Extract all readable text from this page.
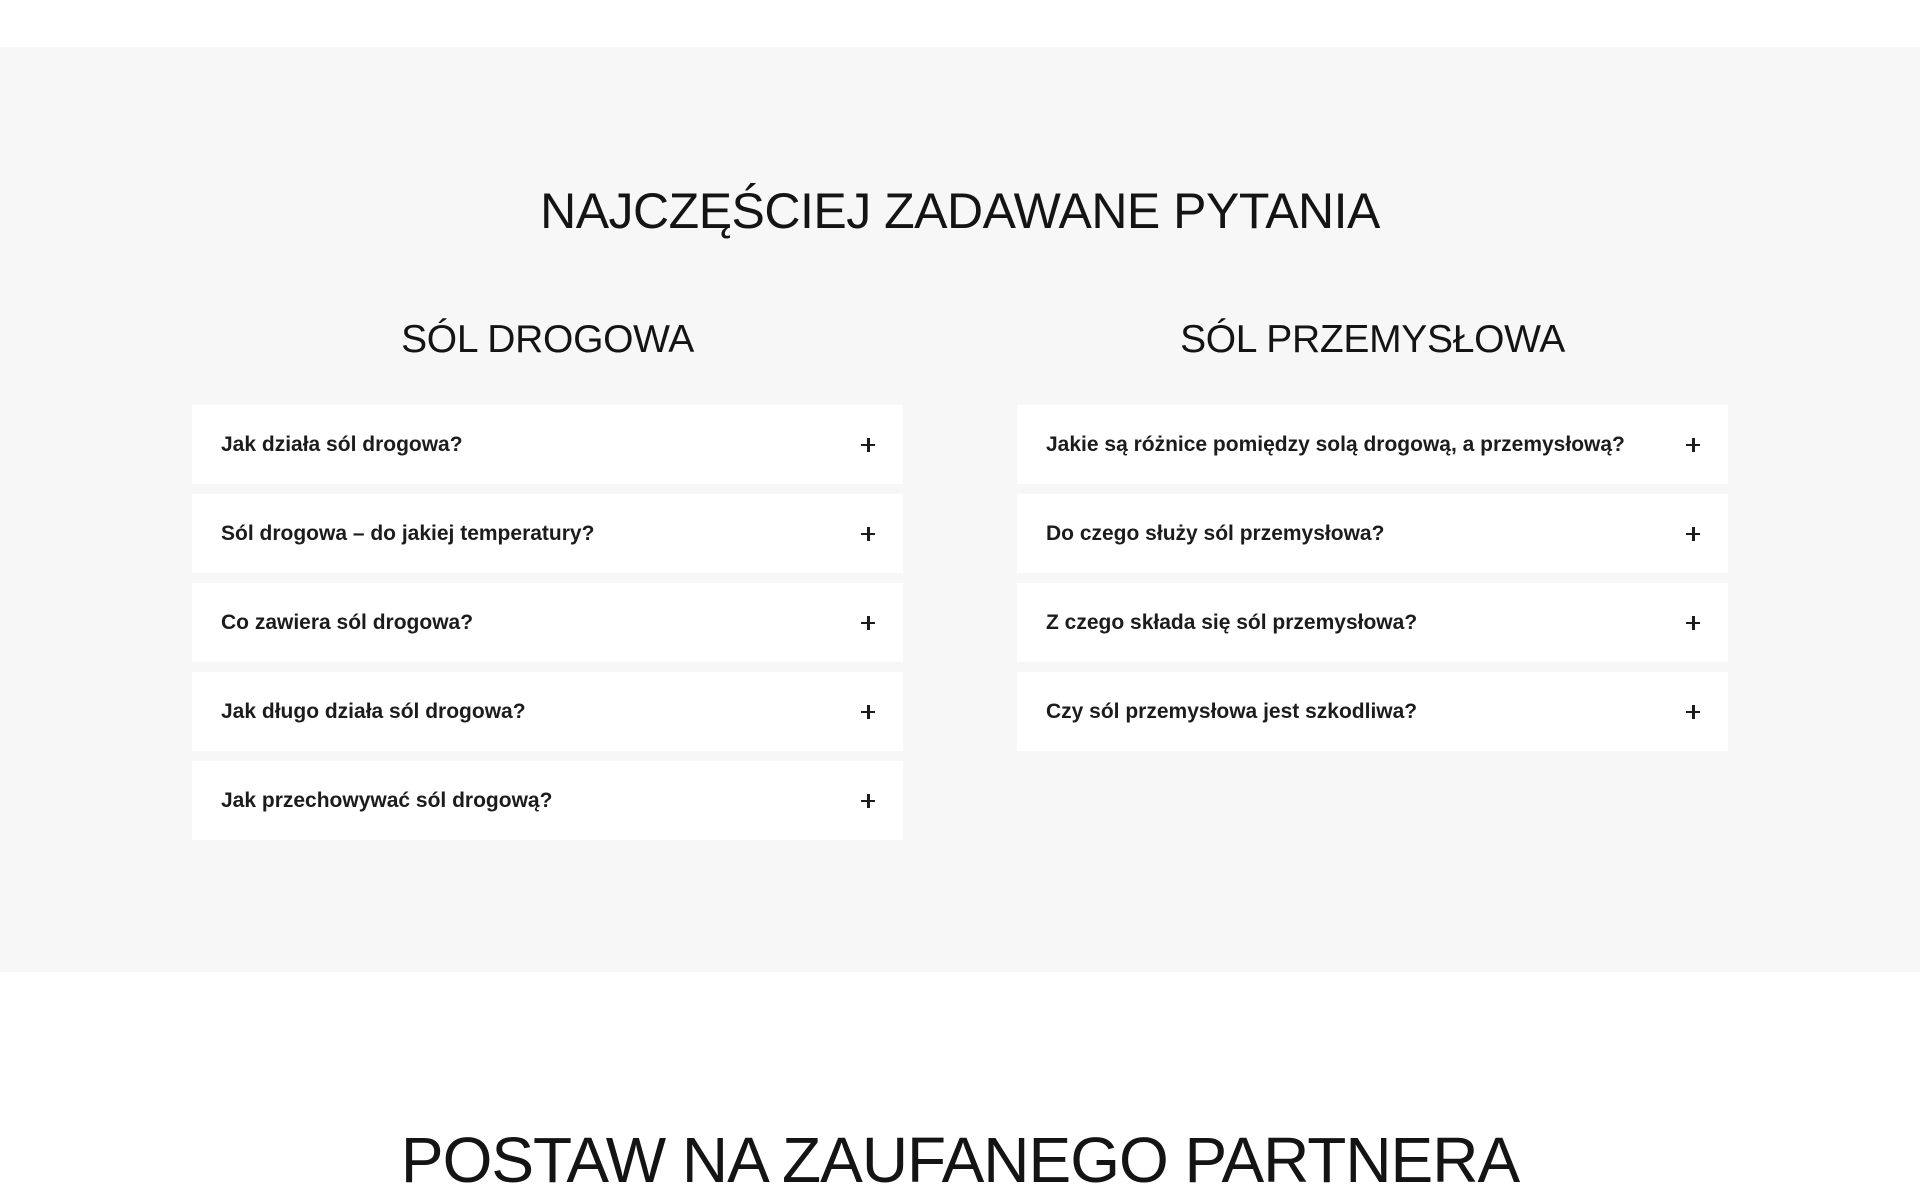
NAJCZĘŚCIEJ ZADAWANE PYTANIA
SÓL DROGOWA
Jak działa sól drogowa?
Sól drogowa – do jakiej temperatury?
Co zawiera sól drogowa?
Jak długo działa sól drogowa?
Jak przechowywać sól drogową?
SÓL PRZEMYSŁOWA
Jakie są różnice pomiędzy solą drogową, a przemysłową?
Do czego służy sól przemysłowa?
Z czego składa się sól przemysłowa?
Czy sól przemysłowa jest szkodliwa?
POSTAW NA ZAUFANEGO PARTNERA
